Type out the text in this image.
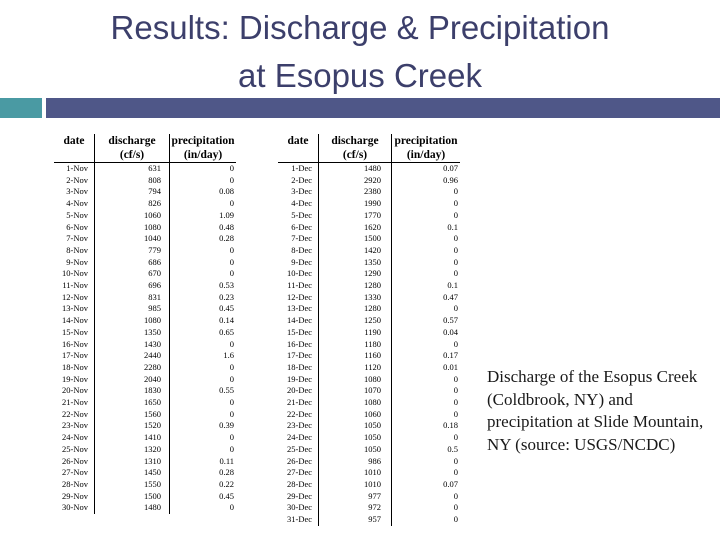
Results: Discharge & Precipitation
at Esopus Creek
date	discharge	precipitation
	(cf/s)	(in/day)
1-Nov	631	0
2-Nov	808	0
3-Nov	794	0.08
4-Nov	826	0
5-Nov	1060	1.09
6-Nov	1080	0.48
7-Nov	1040	0.28
8-Nov	779	0
9-Nov	686	0
10-Nov	670	0
11-Nov	696	0.53
12-Nov	831	0.23
13-Nov	985	0.45
14-Nov	1080	0.14
15-Nov	1350	0.65
16-Nov	1430	0
17-Nov	2440	1.6
18-Nov	2280	0
19-Nov	2040	0
20-Nov	1830	0.55
21-Nov	1650	0
22-Nov	1560	0
23-Nov	1520	0.39
24-Nov	1410	0
25-Nov	1320	0
26-Nov	1310	0.11
27-Nov	1450	0.28
28-Nov	1550	0.22
29-Nov	1500	0.45
30-Nov	1480	0
date	discharge	precipitation
	(cf/s)	(in/day)
1-Dec	1480	0.07
2-Dec	2920	0.96
3-Dec	2380	0
4-Dec	1990	0
5-Dec	1770	0
6-Dec	1620	0.1
7-Dec	1500	0
8-Dec	1420	0
9-Dec	1350	0
10-Dec	1290	0
11-Dec	1280	0.1
12-Dec	1330	0.47
13-Dec	1280	0
14-Dec	1250	0.57
15-Dec	1190	0.04
16-Dec	1180	0
17-Dec	1160	0.17
18-Dec	1120	0.01
19-Dec	1080	0
20-Dec	1070	0
21-Dec	1080	0
22-Dec	1060	0
23-Dec	1050	0.18
24-Dec	1050	0
25-Dec	1050	0.5
26-Dec	986	0
27-Dec	1010	0
28-Dec	1010	0.07
29-Dec	977	0
30-Dec	972	0
31-Dec	957	0
Discharge of the Esopus Creek (Coldbrook, NY) and precipitation at Slide Mountain, NY (source: USGS/NCDC)
